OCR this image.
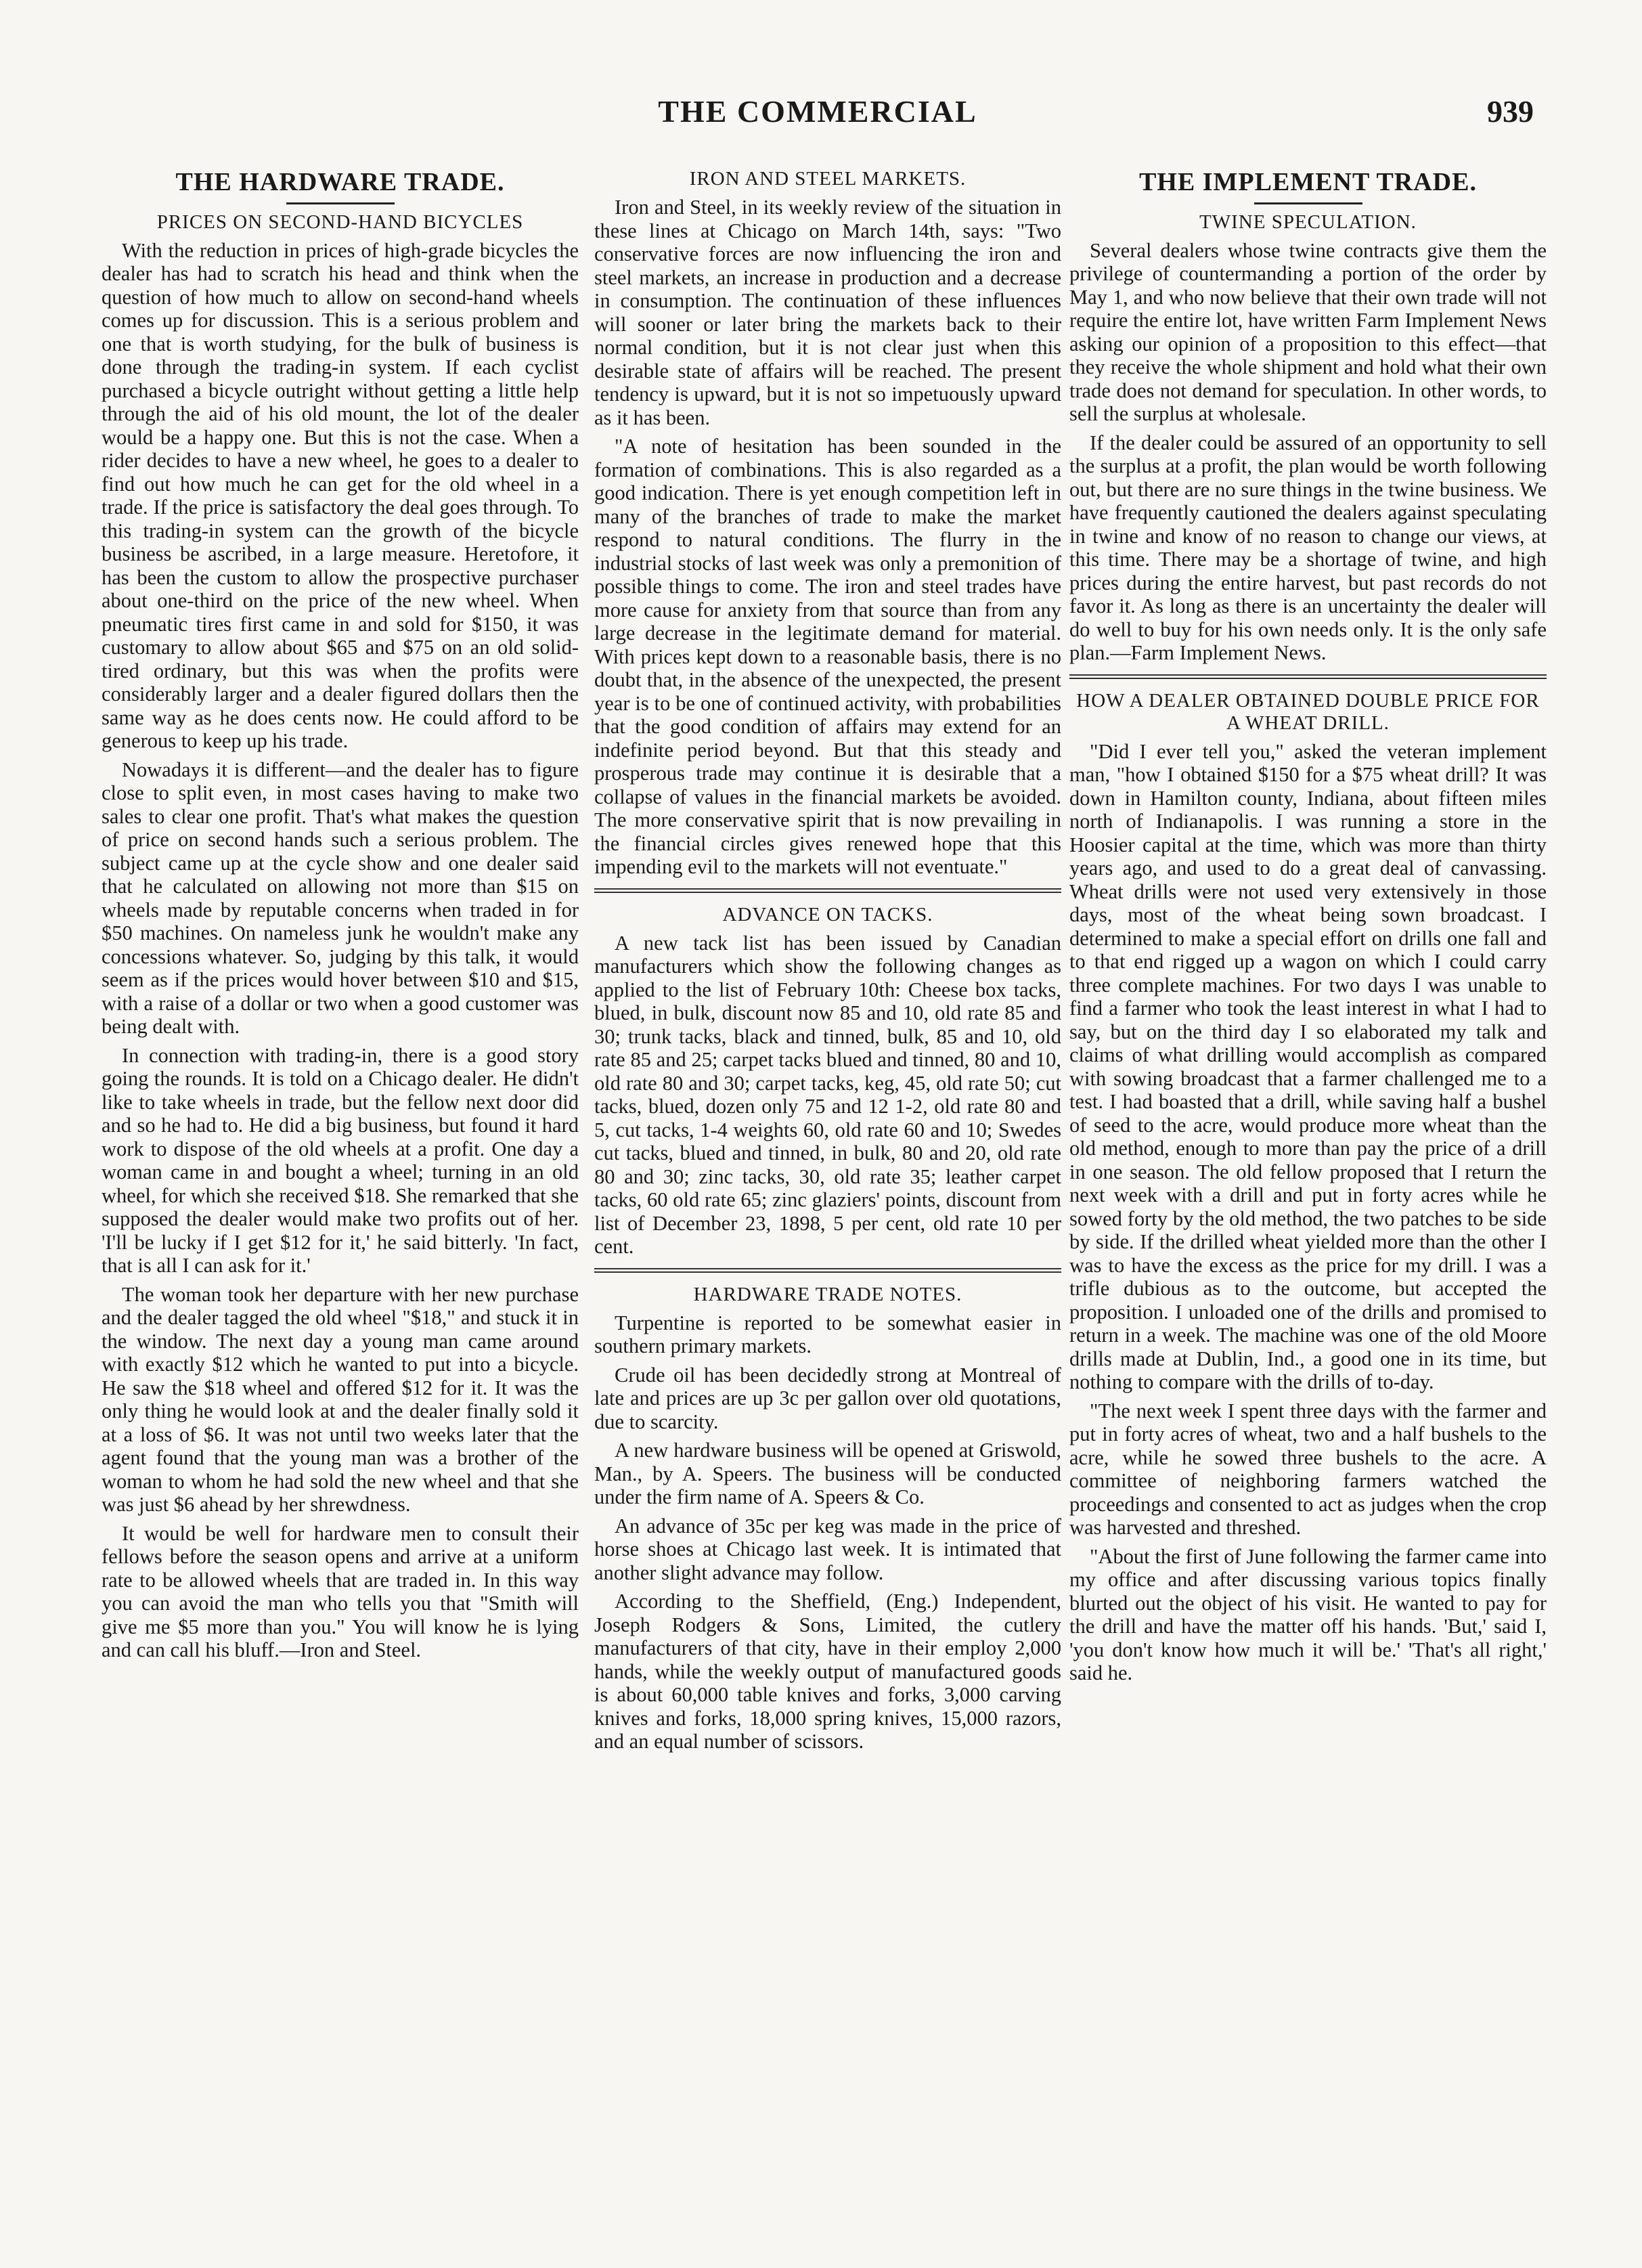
THE COMMERCIAL	939
THE HARDWARE TRADE.
PRICES ON SECOND-HAND BICYCLES

With the reduction in prices of high-grade bicycles the dealer has had to scratch his head and think when the question of how much to allow on second-hand wheels comes up for discussion. This is a serious problem and one that is worth studying, for the bulk of business is done through the trading-in system. If each cyclist purchased a bicycle outright without getting a little help through the aid of his old mount, the lot of the dealer would be a happy one. But this is not the case. When a rider decides to have a new wheel, he goes to a dealer to find out how much he can get for the old wheel in a trade. If the price is satisfactory the deal goes through. To this trading-in system can the growth of the bicycle business be ascribed, in a large measure. Heretofore, it has been the custom to allow the prospective purchaser about one-third on the price of the new wheel. When pneumatic tires first came in and sold for $150, it was customary to allow about $65 and $75 on an old solid-tired ordinary, but this was when the profits were considerably larger and a dealer figured dollars then the same way as he does cents now. He could afford to be generous to keep up his trade.

Nowadays it is different—and the dealer has to figure close to split even, in most cases having to make two sales to clear one profit. That's what makes the question of price on second hands such a serious problem. The subject came up at the cycle show and one dealer said that he calculated on allowing not more than $15 on wheels made by reputable concerns when traded in for $50 machines. On nameless junk he wouldn't make any concessions whatever. So, judging by this talk, it would seem as if the prices would hover between $10 and $15, with a raise of a dollar or two when a good customer was being dealt with.

In connection with trading-in, there is a good story going the rounds. It is told on a Chicago dealer. He didn't like to take wheels in trade, but the fellow next door did and so he had to. He did a big business, but found it hard work to dispose of the old wheels at a profit. One day a woman came in and bought a wheel; turning in an old wheel, for which she received $18. She remarked that she supposed the dealer would make two profits out of her. 'I'll be lucky if I get $12 for it,' he said bitterly. 'In fact, that is all I can ask for it.'

The woman took her departure with her new purchase and the dealer tagged the old wheel "$18," and stuck it in the window. The next day a young man came around with exactly $12 which he wanted to put into a bicycle. He saw the $18 wheel and offered $12 for it. It was the only thing he would look at and the dealer finally sold it at a loss of $6. It was not until two weeks later that the agent found that the young man was a brother of the woman to whom he had sold the new wheel and that she was just $6 ahead by her shrewdness.

It would be well for hardware men to consult their fellows before the season opens and arrive at a uniform rate to be allowed wheels that are traded in. In this way you can avoid the man who tells you that "Smith will give me $5 more than you." You will know he is lying and can call his bluff.—Iron and Steel.

IRON AND STEEL MARKETS.

Iron and Steel, in its weekly review of the situation in these lines at Chicago on March 14th, says: "Two conservative forces are now influencing the iron and steel markets, an increase in production and a decrease in consumption. The continuation of these influences will sooner or later bring the markets back to their normal condition, but it is not clear just when this desirable state of affairs will be reached. The present tendency is upward, but it is not so impetuously upward as it has been.

"A note of hesitation has been sounded in the formation of combinations. This is also regarded as a good indication. There is yet enough competition left in many of the branches of trade to make the market respond to natural conditions. The flurry in the industrial stocks of last week was only a premonition of possible things to come. The iron and steel trades have more cause for anxiety from that source than from any large decrease in the legitimate demand for material. With prices kept down to a reasonable basis, there is no doubt that, in the absence of the unexpected, the present year is to be one of continued activity, with probabilities that the good condition of affairs may extend for an indefinite period beyond. But that this steady and prosperous trade may continue it is desirable that a collapse of values in the financial markets be avoided. The more conservative spirit that is now prevailing in the financial circles gives renewed hope that this impending evil to the markets will not eventuate."

ADVANCE ON TACKS.

A new tack list has been issued by Canadian manufacturers which show the following changes as applied to the list of February 10th: Cheese box tacks, blued, in bulk, discount now 85 and 10, old rate 85 and 30; trunk tacks, black and tinned, bulk, 85 and 10, old rate 85 and 25; carpet tacks blued and tinned, 80 and 10, old rate 80 and 30; carpet tacks, keg, 45, old rate 50; cut tacks, blued, dozen only 75 and 12 1-2, old rate 80 and 5, cut tacks, 1-4 weights 60, old rate 60 and 10; Swedes cut tacks, blued and tinned, in bulk, 80 and 20, old rate 80 and 30; zinc tacks, 30, old rate 35; leather carpet tacks, 60 old rate 65; zinc glaziers' points, discount from list of December 23, 1898, 5 per cent, old rate 10 per cent.

HARDWARE TRADE NOTES.

Turpentine is reported to be somewhat easier in southern primary markets.

Crude oil has been decidedly strong at Montreal of late and prices are up 3c per gallon over old quotations, due to scarcity.

A new hardware business will be opened at Griswold, Man., by A. Speers. The business will be conducted under the firm name of A. Speers & Co.

An advance of 35c per keg was made in the price of horse shoes at Chicago last week. It is intimated that another slight advance may follow.

According to the Sheffield, (Eng.) Independent, Joseph Rodgers & Sons, Limited, the cutlery manufacturers of that city, have in their employ 2,000 hands, while the weekly output of manufactured goods is about 60,000 table knives and forks, 3,000 carving knives and forks, 18,000 spring knives, 15,000 razors, and an equal number of scissors.

THE IMPLEMENT TRADE.
TWINE SPECULATION.

Several dealers whose twine contracts give them the privilege of countermanding a portion of the order by May 1, and who now believe that their own trade will not require the entire lot, have written Farm Implement News asking our opinion of a proposition to this effect—that they receive the whole shipment and hold what their own trade does not demand for speculation. In other words, to sell the surplus at wholesale.

If the dealer could be assured of an opportunity to sell the surplus at a profit, the plan would be worth following out, but there are no sure things in the twine business. We have frequently cautioned the dealers against speculating in twine and know of no reason to change our views, at this time. There may be a shortage of twine, and high prices during the entire harvest, but past records do not favor it. As long as there is an uncertainty the dealer will do well to buy for his own needs only. It is the only safe plan.—Farm Implement News.

HOW A DEALER OBTAINED DOUBLE PRICE FOR A WHEAT DRILL.

"Did I ever tell you," asked the veteran implement man, "how I obtained $150 for a $75 wheat drill? It was down in Hamilton county, Indiana, about fifteen miles north of Indianapolis. I was running a store in the Hoosier capital at the time, which was more than thirty years ago, and used to do a great deal of canvassing. Wheat drills were not used very extensively in those days, most of the wheat being sown broadcast. I determined to make a special effort on drills one fall and to that end rigged up a wagon on which I could carry three complete machines. For two days I was unable to find a farmer who took the least interest in what I had to say, but on the third day I so elaborated my talk and claims of what drilling would accomplish as compared with sowing broadcast that a farmer challenged me to a test. I had boasted that a drill, while saving half a bushel of seed to the acre, would produce more wheat than the old method, enough to more than pay the price of a drill in one season. The old fellow proposed that I return the next week with a drill and put in forty acres while he sowed forty by the old method, the two patches to be side by side. If the drilled wheat yielded more than the other I was to have the excess as the price for my drill. I was a trifle dubious as to the outcome, but accepted the proposition. I unloaded one of the drills and promised to return in a week. The machine was one of the old Moore drills made at Dublin, Ind., a good one in its time, but nothing to compare with the drills of to-day.

"The next week I spent three days with the farmer and put in forty acres of wheat, two and a half bushels to the acre, while he sowed three bushels to the acre. A committee of neighboring farmers watched the proceedings and consented to act as judges when the crop was harvested and threshed.

"About the first of June following the farmer came into my office and after discussing various topics finally blurted out the object of his visit. He wanted to pay for the drill and have the matter off his hands. 'But,' said I, 'you don't know how much it will be.' 'That's all right,' said he.
